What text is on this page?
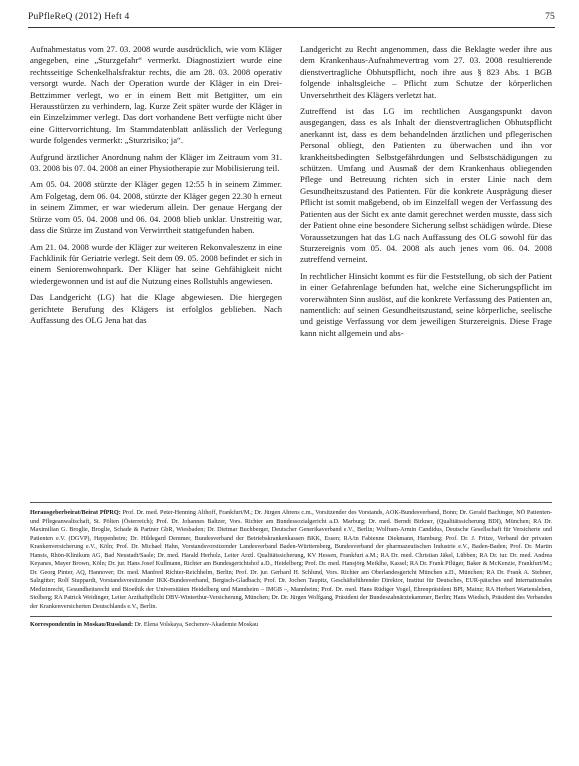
PuPfleReQ (2012) Heft 4	75

Aufnahmestatus vom 27. 03. 2008 wurde ausdrücklich, wie vom Kläger angegeben, eine „Sturzgefahr“ vermerkt. Diagnostiziert wurde eine rechtsseitige Schenkelhalsfraktur rechts, die am 28. 03. 2008 operativ versorgt wurde. Nach der Operation wurde der Kläger in ein Drei-Bettzimmer verlegt, wo er in einem Bett mit Bettgitter, um ein Herausstürzen zu verhindern, lag. Kurze Zeit später wurde der Kläger in ein Einzelzimmer verlegt. Das dort vorhandene Bett verfügte nicht über eine Gittervorrichtung. Im Stammdatenblatt anlässlich der Verlegung wurde folgendes vermerkt: „Sturzrisiko; ja“.

Aufgrund ärztlicher Anordnung nahm der Kläger im Zeitraum vom 31. 03. 2008 bis 07. 04. 2008 an einer Physiotherapie zur Mobilisierung teil.

Am 05. 04. 2008 stürzte der Kläger gegen 12:55 h in seinem Zimmer. Am Folgetag, dem 06. 04. 2008, stürzte der Kläger gegen 22.30 h erneut in seinem Zimmer, er war wiederum allein. Der genaue Hergang der Stürze vom 05. 04. 2008 und 06. 04. 2008 blieb unklar. Unstreitig war, dass die Stürze im Zustand von Verwirrtheit stattgefunden haben.

Am 21. 04. 2008 wurde der Kläger zur weiteren Rekonvaleszenz in eine Fachklinik für Geriatrie verlegt. Seit dem 09. 05. 2008 befindet er sich in einem Seniorenwohnpark. Der Kläger hat seine Gehfähigkeit nicht wiedergewonnen und ist auf die Nutzung eines Rollstuhls angewiesen.

Das Landgericht (LG) hat die Klage abgewiesen. Die hiergegen gerichtete Berufung des Klägers ist erfolglos geblieben. Nach Auffassung des OLG Jena hat das

Landgericht zu Recht angenommen, dass die Beklagte weder ihre aus dem Krankenhaus-Aufnahmevertrag vom 27. 03. 2008 resultierende dienstvertragliche Obhutspflicht, noch ihre aus § 823 Abs. 1 BGB folgende inhaltsgleiche – Pflicht zum Schutze der körperlichen Unversehrtheit des Klägers verletzt hat.

Zutreffend ist das LG im rechtlichen Ausgangspunkt davon ausgegangen, dass es als Inhalt der dienstvertraglichen Obhutspflicht anerkannt ist, dass es dem behandelnden ärztlichen und pflegerischen Personal obliegt, den Patienten zu überwachen und ihn vor krankheitsbedingten Selbstgefährdungen und Selbstschädigungen zu schützen. Umfang und Ausmaß der dem Krankenhaus obliegenden Pflege und Betreuung richten sich in erster Linie nach dem Gesundheitszustand des Patienten. Für die konkrete Ausprägung dieser Pflicht ist somit maßgebend, ob im Einzelfall wegen der Verfassung des Patienten aus der Sicht ex ante damit gerechnet werden musste, dass sich der Patient ohne eine besondere Sicherung selbst schädigen würde. Diese Voraussetzungen hat das LG nach Auffassung des OLG sowohl für das Sturzereignis vom 05. 04. 2008 als auch jenes vom 06. 04. 2008 zutreffend verneint.

In rechtlicher Hinsicht kommt es für die Feststellung, ob sich der Patient in einer Gefahrenlage befunden hat, welche eine Sicherungspflicht im vorerwähnten Sinn auslöst, auf die konkrete Verfassung des Patienten an, namentlich: auf seinen Gesundheitszustand, seine körperliche, seelische und geistige Verfassung vor dem jeweiligen Sturzereignis. Diese Frage kann nicht allgemein und abs-

Herausgeberbeirat/Beirat PfPRQ: Prof. Dr. med. Peter-Henning Althoff, Frankfurt/M.; Dr. Jürgen Ahrens c.m., Vorsitzender des Vorstands, AOK-Bundesverband, Bonn; Dr. Gerald Bachinger, NÖ Patienten- und Pflegeanwaltschaft, St. Pölten (Österreich); Prof. Dr. Johannes Baltzer, Vors. Richter am Bundessozialgericht a.D. Marburg; Dr. med. Berndt Birkner, (Qualitätssicherung BDI), München; RA Dr. Maximilian G. Broglie, Broglie, Schade & Partner GbR, Wiesbaden; Dr. Dietmar Buchberger, Deutscher Generikaverband e.V., Berlin; Wolfram-Armin Candidus, Deutsche Gesellschaft für Versicherte und Patienten e.V. (DGVP), Heppenheim; Dr. Hildegard Demmer, Bundesverband der Betriebskrankenkassen BKK, Essen; RA/in Fabienne Diekmann, Hamburg; Prof. Dr. J. Fritze, Verband der privaten Krankenversicherung e.V., Köln; Prof. Dr. Michael Hahn, Vorstandsvorsitzender Landesverband Baden-Württemberg, Bundesverband der pharmazeutischen Industrie e.V., Baden-Baden; Prof. Dr. Martin Hansis, Rhön-Klinikum AG, Bad Neustadt/Saale; Dr. med. Harald Herholz, Leiter Arztl. Qualitätssicherung, KV Hessen, Frankfurt a.M.; RA Dr. med. Christian Jäkel, Lübben; RA Dr. iur. Dr. med. Andrea Keyanes, Mayer Brown, Köln; Dr. jur. Hans Josef Kullmann, Richter am Bundesgerichtshof a.D., Heidelberg; Prof. Dr. med. Hansjörg Meiklhe, Kassel; RA Dr. Frank Pflüger, Baker & McKenzie, Frankfurt/M.; Dr. Georg Pinter, AQ, Hannover; Dr. med. Manfred Richter-Reichhelm, Berlin; Prof. Dr. jur. Gerhard H. Schlund, Vors. Richter am Oberlandesgericht München a.D., München; RA Dr. Frank A. Stebner, Salzgitter; Rolf Stuppardt, Vorstandsvorsitzender IKK-Bundesverband, Bergisch-Gladbach; Prof. Dr. Jochen Taupitz, Geschäftsführender Direktor, Institut für Deutsches, EUR-päisches und Internationales Medizinrecht, Gesundheitsrecht und Bioethik der Universitäten Heidelberg und Mannheim – IMGB –, Mannheim; Prof. Dr. med. Hans Rüdiger Vogel, Ehrenpräsident BPI, Mainz; RA Herbert Wartensleben, Stolberg; RA Patrick Weidinger, Leiter Arzthaftpflicht DBV-Winterthur-Versicherung, München; Dr. Dr. Jürgen Wolfgang, Präsident der Bundeszahnärztekammer, Berlin; Hans Wiedsch, Präsident des Verbandes der Krankenversicherten Deutschlands e.V., Berlin.

Korrespondentin in Moskau/Russland: Dr. Elena Volskaya, Sechenov-Akademie Moskau
